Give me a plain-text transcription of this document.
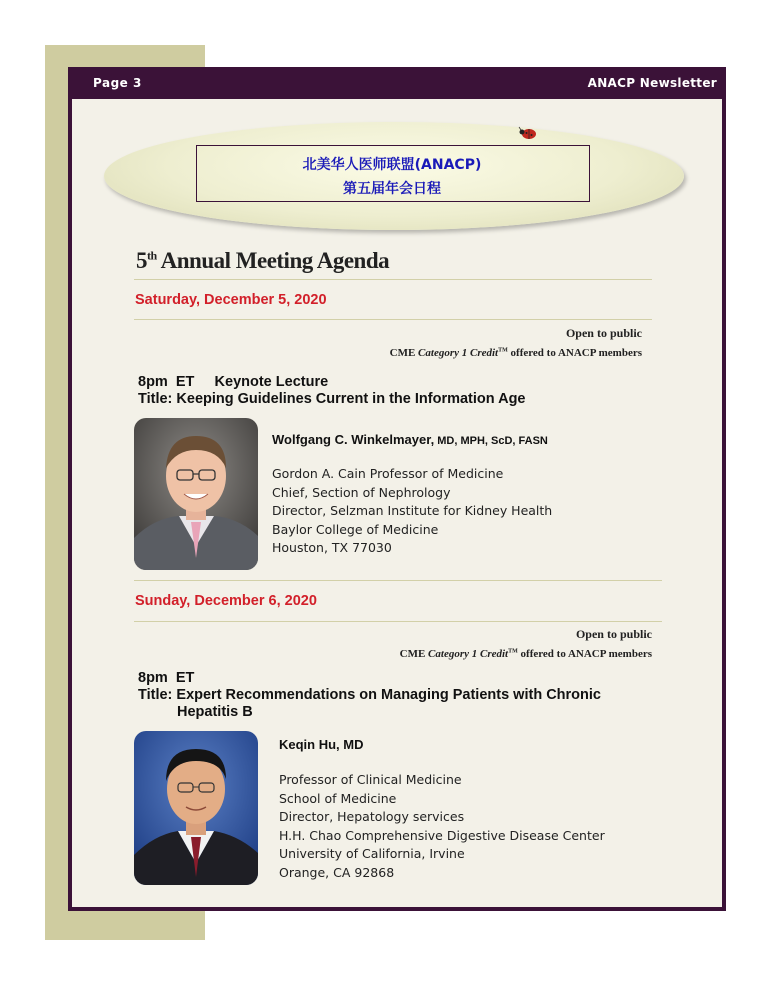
Page 3	ANACP Newsletter
北美华人医师联盟(ANACP)
第五届年会日程
5th Annual Meeting Agenda
Saturday, December 5, 2020
Open to public
CME Category 1 Credit™ offered to ANACP members
8pm  ET     Keynote Lecture
Title: Keeping Guidelines Current in the Information Age
Wolfgang C. Winkelmayer, MD, MPH, ScD, FASN
Gordon A. Cain Professor of Medicine
Chief, Section of Nephrology
Director, Selzman Institute for Kidney Health
Baylor College of Medicine
Houston, TX 77030
Sunday, December 6, 2020
Open to public
CME Category 1 Credit™ offered to ANACP members
8pm  ET
Title: Expert Recommendations on Managing Patients with Chronic
Hepatitis B
Keqin Hu, MD
Professor of Clinical Medicine
School of Medicine
Director, Hepatology services
H.H. Chao Comprehensive Digestive Disease Center
University of California, Irvine
Orange, CA 92868
